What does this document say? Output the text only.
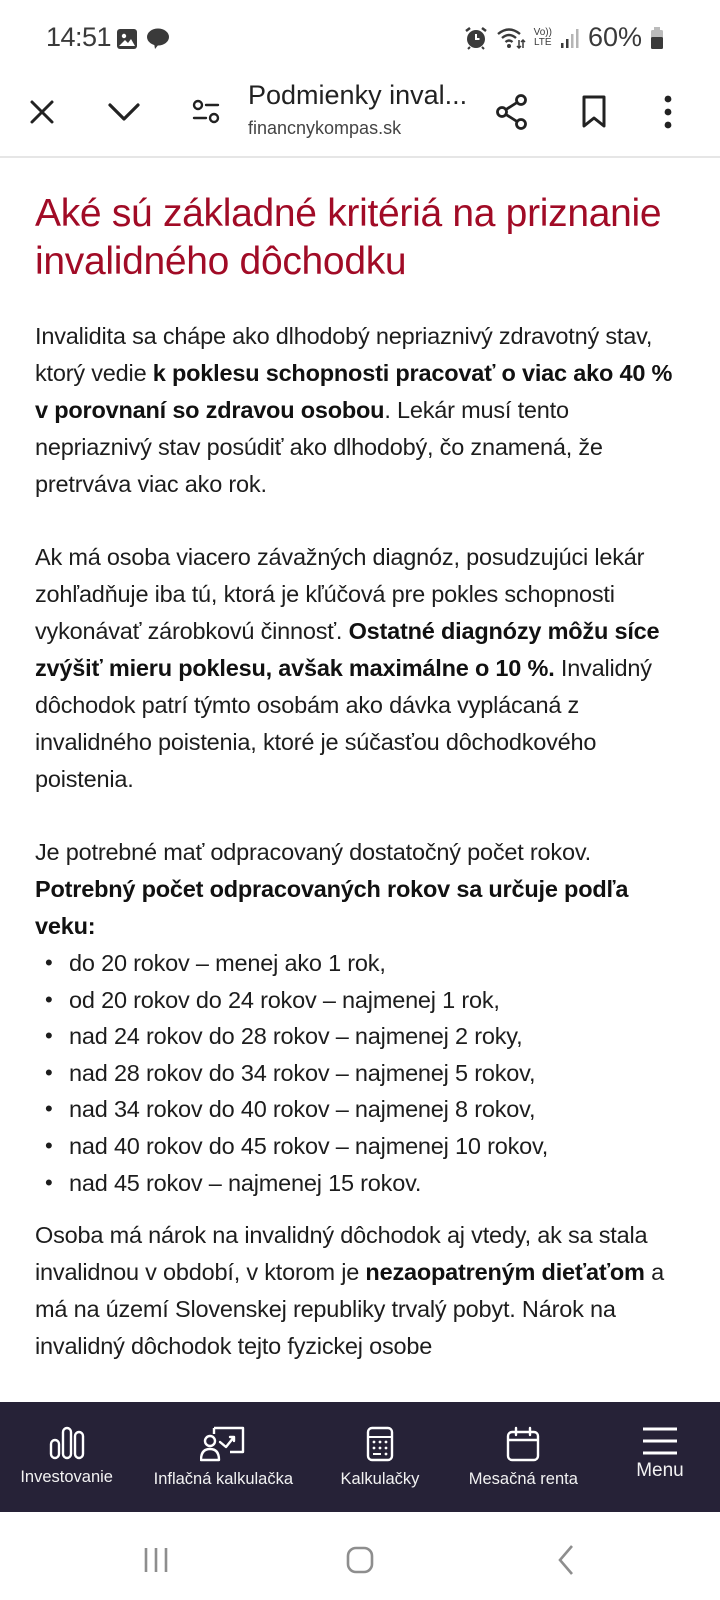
14:51	Vo))
LTE 60%
Podmienky inval...
financnykompas.sk
Aké sú základné kritériá na priznanie invalidného dôchodku

Invalidita sa chápe ako dlhodobý nepriaznivý zdravotný stav, ktorý vedie k poklesu schopnosti pracovať o viac ako 40 % v porovnaní so zdravou osobou. Lekár musí tento nepriaznivý stav posúdiť ako dlhodobý, čo znamená, že pretrváva viac ako rok.

Ak má osoba viacero závažných diagnóz, posudzujúci lekár zohľadňuje iba tú, ktorá je kľúčová pre pokles schopnosti vykonávať zárobkovú činnosť. Ostatné diagnózy môžu síce zvýšiť mieru poklesu, avšak maximálne o 10 %. Invalidný dôchodok patrí týmto osobám ako dávka vyplácaná z invalidného poistenia, ktoré je súčasťou dôchodkového poistenia.

Je potrebné mať odpracovaný dostatočný počet rokov. Potrebný počet odpracovaných rokov sa určuje podľa veku:

• do 20 rokov – menej ako 1 rok,
• od 20 rokov do 24 rokov – najmenej 1 rok,
• nad 24 rokov do 28 rokov – najmenej 2 roky,
• nad 28 rokov do 34 rokov – najmenej 5 rokov,
• nad 34 rokov do 40 rokov – najmenej 8 rokov,
• nad 40 rokov do 45 rokov – najmenej 10 rokov,
• nad 45 rokov – najmenej 15 rokov.

Osoba má nárok na invalidný dôchodok aj vtedy, ak sa stala invalidnou v období, v ktorom je nezaopatreným dieťaťom a má na území Slovenskej republiky trvalý pobyt. Nárok na invalidný dôchodok tejto fyzickej osobe

Investovanie Inflačná kalkulačka	Kalkulačky	Mesačná renta	Menu
